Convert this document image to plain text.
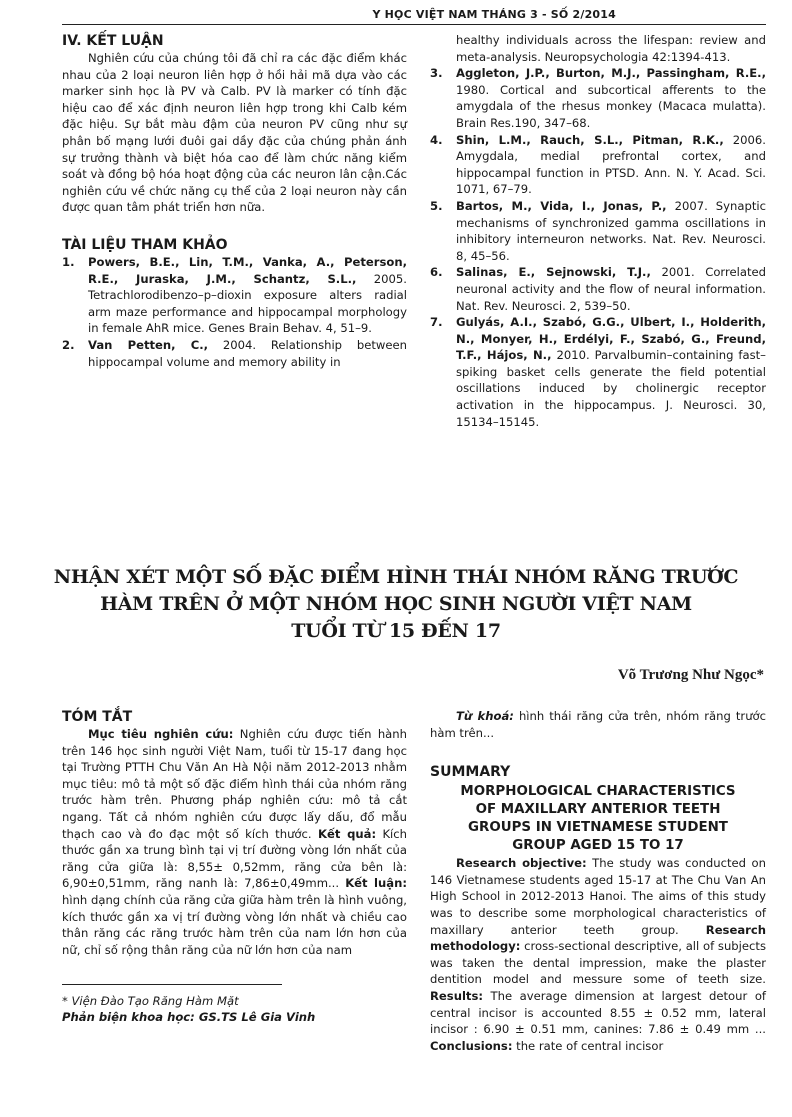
Y HỌC VIỆT NAM THÁNG 3 - SỐ 2/2014
IV. KẾT LUẬN

Nghiên cứu của chúng tôi đã chỉ ra các đặc điểm khác nhau của 2 loại neuron liên hợp ở hồi hải mã dựa vào các marker sinh học là PV và Calb. PV là marker có tính đặc hiệu cao để xác định neuron liên hợp trong khi Calb kém đặc hiệu. Sự bắt màu đậm của neuron PV cũng như sự phân bố mạng lưới đuôi gai dầy đặc của chúng phản ánh sự trưởng thành và biệt hóa cao để làm chức năng kiểm soát và đồng bộ hóa hoạt động của các neuron lân cận.Các nghiên cứu về chức năng cụ thể của 2 loại neuron này cần được quan tâm phát triển hơn nữa.

TÀI LIỆU THAM KHẢO
1.	Powers, B.E., Lin, T.M., Vanka, A., Peterson, R.E., Juraska, J.M., Schantz, S.L., 2005. Tetrachlorodibenzo–p–dioxin exposure alters radial arm maze performance and hippocampal morphology in female AhR mice. Genes Brain Behav. 4, 51–9.
2.	Van Petten, C., 2004. Relationship between hippocampal volume and memory ability in
healthy individuals across the lifespan: review and meta-analysis. Neuropsychologia 42:1394-413.
3.	Aggleton, J.P., Burton, M.J., Passingham, R.E., 1980. Cortical and subcortical afferents to the amygdala of the rhesus monkey (Macaca mulatta). Brain Res.190, 347–68.
4.	Shin, L.M., Rauch, S.L., Pitman, R.K., 2006. Amygdala, medial prefrontal cortex, and hippocampal function in PTSD. Ann. N. Y. Acad. Sci. 1071, 67–79.
5.	Bartos, M., Vida, I., Jonas, P., 2007. Synaptic mechanisms of synchronized gamma oscillations in inhibitory interneuron networks. Nat. Rev. Neurosci. 8, 45–56.
6.	Salinas, E., Sejnowski, T.J., 2001. Correlated neuronal activity and the flow of neural information. Nat. Rev. Neurosci. 2, 539–50.
7.	Gulyás, A.I., Szabó, G.G., Ulbert, I., Holderith, N., Monyer, H., Erdélyi, F., Szabó, G., Freund, T.F., Hájos, N., 2010. Parvalbumin–containing fast–spiking basket cells generate the field potential oscillations induced by cholinergic receptor activation in the hippocampus. J. Neurosci. 30, 15134–15145.
NHẬN XÉT MỘT SỐ ĐẶC ĐIỂM HÌNH THÁI NHÓM RĂNG TRƯỚC
HÀM TRÊN Ở MỘT NHÓM HỌC SINH NGƯỜI VIỆT NAM
TUỔI TỪ 15 ĐẾN 17
Võ Trương Như Ngọc*
TÓM TẮT

Mục tiêu nghiên cứu: Nghiên cứu được tiến hành trên 146 học sinh người Việt Nam, tuổi từ 15-17 đang học tại Trường PTTH Chu Văn An Hà Nội năm 2012-2013 nhằm mục tiêu: mô tả một số đặc điểm hình thái của nhóm răng trước hàm trên. Phương pháp nghiên cứu: mô tả cắt ngang. Tất cả nhóm nghiên cứu được lấy dấu, đổ mẫu thạch cao và đo đạc một số kích thước. Kết quả: Kích thước gần xa trung bình tại vị trí đường vòng lớn nhất của răng cửa giữa là: 8,55± 0,52mm, răng cửa bên là: 6,90±0,51mm, răng nanh là: 7,86±0,49mm... Kết luận: hình dạng chính của răng cửa giữa hàm trên là hình vuông, kích thước gần xa vị trí đường vòng lớn nhất và chiều cao thân răng các răng trước hàm trên của nam lớn hơn của nữ, chỉ số rộng thân răng của nữ lớn hơn của nam

* Viện Đào Tạo Răng Hàm Mặt
Phản biện khoa học: GS.TS Lê Gia Vinh

Từ khoá: hình thái răng cửa trên, nhóm răng trước hàm trên...

SUMMARY
MORPHOLOGICAL CHARACTERISTICS
OF MAXILLARY ANTERIOR TEETH
GROUPS IN VIETNAMESE STUDENT
GROUP AGED 15 TO 17

Research objective: The study was conducted on 146 Vietnamese students aged 15-17 at The Chu Van An High School in 2012-2013 Hanoi. The aims of this study was to describe some morphological characteristics of maxillary anterior teeth group. Research methodology: cross-sectional descriptive, all of subjects was taken the dental impression, make the plaster dentition model and messure some of teeth size. Results: The average dimension at largest detour of central incisor is accounted 8.55 ± 0.52 mm, lateral incisor : 6.90 ± 0.51 mm, canines: 7.86 ± 0.49 mm ... Conclusions: the rate of central incisor
